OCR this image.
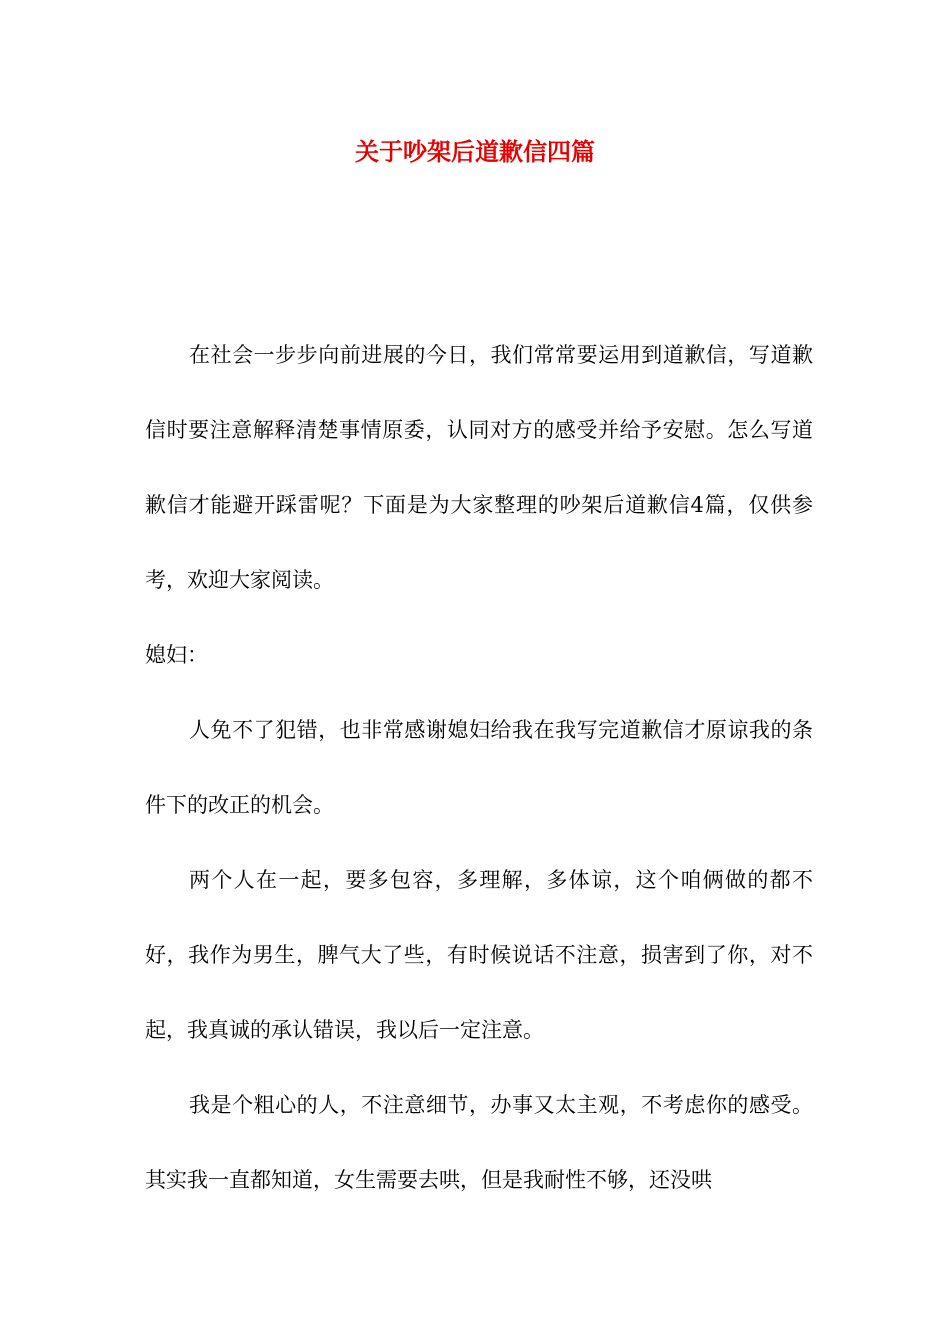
关于吵架后道歉信四篇

在社会一步步向前进展的今日，我们常常要运用到道歉信，写道歉信时要注意解释清楚事情原委，认同对方的感受并给予安慰。怎么写道歉信才能避开踩雷呢？下面是为大家整理的吵架后道歉信4篇，仅供参考，欢迎大家阅读。

媳妇：

人免不了犯错，也非常感谢媳妇给我在我写完道歉信才原谅我的条件下的改正的机会。

两个人在一起，要多包容，多理解，多体谅，这个咱俩做的都不好，我作为男生，脾气大了些，有时候说话不注意，损害到了你，对不起，我真诚的承认错误，我以后一定注意。

我是个粗心的人，不注意细节，办事又太主观，不考虑你的感受。其实我一直都知道，女生需要去哄，但是我耐性不够，还没哄
